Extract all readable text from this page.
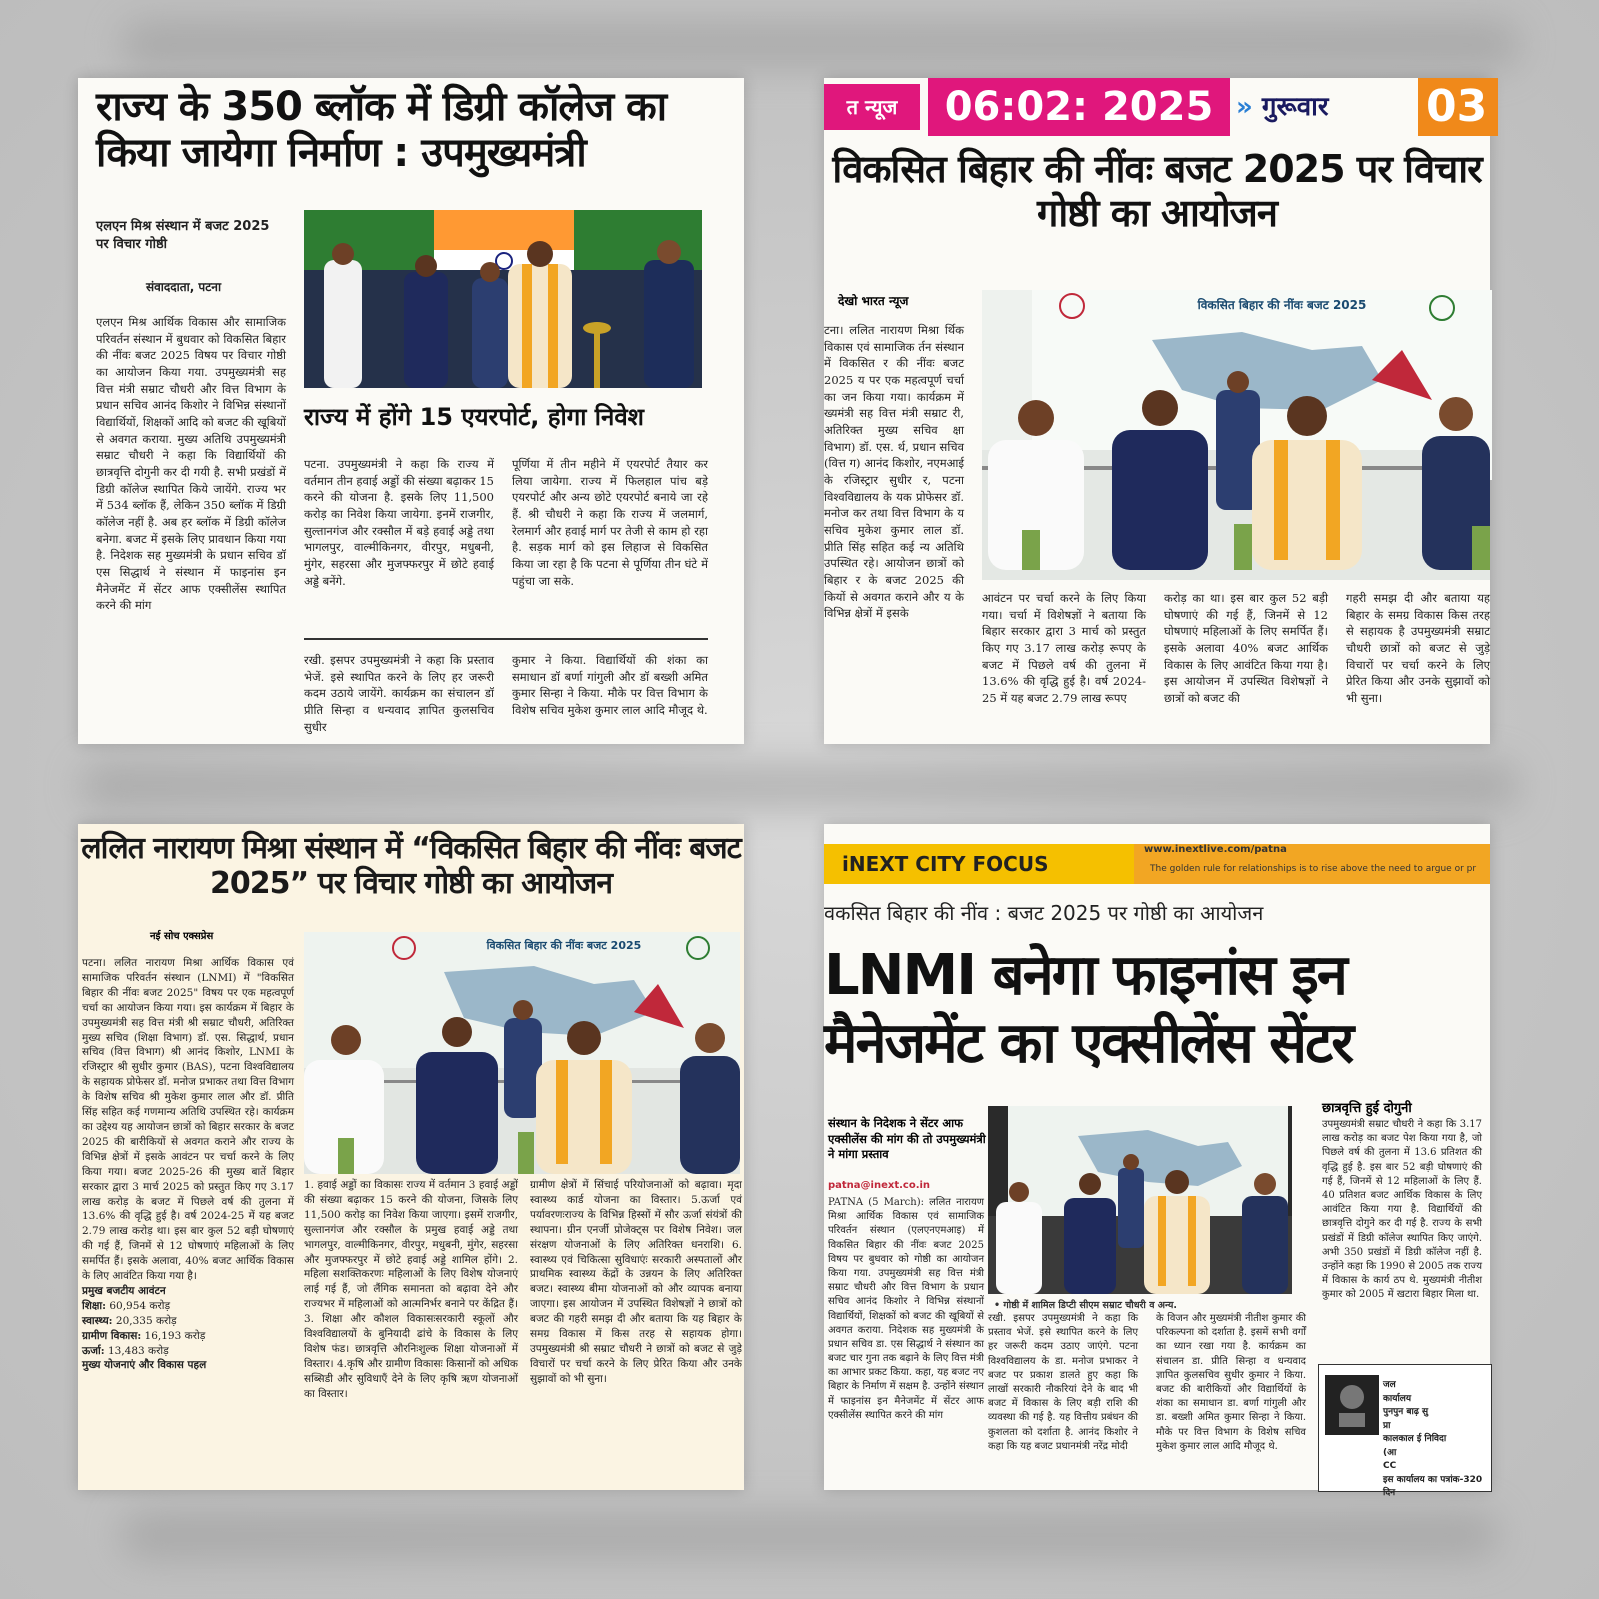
राज्य के 350 ब्लॉक में डिग्री कॉलेज का किया जायेगा निर्माण : उपमुख्यमंत्री
एलएन मिश्र संस्थान में बजट 2025 पर विचार गोष्ठी
संवाददाता, पटना

एलएन मिश्र आर्थिक विकास और सामाजिक परिवर्तन संस्थान में बुधवार को विकसित बिहार की नींवः बजट 2025 विषय पर विचार गोष्ठी का आयोजन किया गया. उपमुख्यमंत्री सह वित्त मंत्री सम्राट चौधरी और वित्त विभाग के प्रधान सचिव आनंद किशोर ने विभिन्न संस्थानों विद्यार्थियों, शिक्षकों आदि को बजट की खूबियों से अवगत कराया. मुख्य अतिथि उपमुख्यमंत्री सम्राट चौधरी ने कहा कि विद्यार्थियों की छात्रवृत्ति दोगुनी कर दी गयी है. सभी प्रखंडों में डिग्री कॉलेज स्थापित किये जायेंगे. राज्य भर में 534 ब्लॉक हैं, लेकिन 350 ब्लॉक में डिग्री कॉलेज नहीं है. अब हर ब्लॉक में डिग्री कॉलेज बनेगा. बजट में इसके लिए प्रावधान किया गया है. निदेशक सह मुख्यमंत्री के प्रधान सचिव डॉ एस सिद्धार्थ ने संस्थान में फाइनांस इन मैनेजमेंट में सेंटर आफ एक्सीलेंस स्थापित करने की मांग

राज्य में होंगे 15 एयरपोर्ट, होगा निवेश

पटना. उपमुख्यमंत्री ने कहा कि राज्य में वर्तमान तीन हवाई अड्डों की संख्या बढ़ाकर 15 करने की योजना है. इसके लिए 11,500 करोड़ का निवेश किया जायेगा. इनमें राजगीर, सुल्तानगंज और रक्सौल में बड़े हवाई अड्डे तथा भागलपुर, वाल्मीकिनगर, वीरपुर, मधुबनी, मुंगेर, सहरसा और मुजफ्फरपुर में छोटे हवाई अड्डे बनेंगे.

पूर्णिया में तीन महीने में एयरपोर्ट तैयार कर लिया जायेगा. राज्य में फिलहाल पांच बड़े एयरपोर्ट और अन्य छोटे एयरपोर्ट बनाये जा रहे हैं. श्री चौधरी ने कहा कि राज्य में जलमार्ग, रेलमार्ग और हवाई मार्ग पर तेजी से काम हो रहा है. सड़क मार्ग को इस लिहाज से विकसित किया जा रहा है कि पटना से पूर्णिया तीन घंटे में पहुंचा जा सके.

रखी. इसपर उपमुख्यमंत्री ने कहा कि प्रस्ताव भेजें. इसे स्थापित करने के लिए हर जरूरी कदम उठाये जायेंगे. कार्यक्रम का संचालन डॉ प्रीति सिन्हा व धन्यवाद ज्ञापित कुलसचिव सुधीर

कुमार ने किया. विद्यार्थियों की शंका का समाधान डॉ बर्णा गांगुली और डॉ बख्शी अमित कुमार सिन्हा ने किया. मौके पर वित्त विभाग के विशेष सचिव मुकेश कुमार लाल आदि मौजूद थे.

त न्यूज	06:02: 2025 » गुरूवार	03
विकसित बिहार की नींवः बजट 2025 पर विचार गोष्ठी का आयोजन
देखो भारत न्यूज

टना। ललित नारायण मिश्रा र्थिक विकास एवं सामाजिक र्तन संस्थान में विकसित र की नींवः बजट 2025 य पर एक महत्वपूर्ण चर्चा का जन किया गया। कार्यक्रम में ख्यमंत्री सह वित्त मंत्री सम्राट री, अतिरिक्त मुख्य सचिव क्षा विभाग) डॉ. एस. र्थ, प्रधान सचिव (वित्त ग) आनंद किशोर, नएमआई के रजिस्ट्रार सुधीर र, पटना विश्वविद्यालय के यक प्रोफेसर डॉ. मनोज कर तथा वित्त विभाग के य सचिव मुकेश कुमार लाल डॉ. प्रीति सिंह सहित कई न्य अतिथि उपस्थित रहे। आयोजन छात्रों को बिहार र के बजट 2025 की कियों से अवगत कराने और य के विभिन्न क्षेत्रों में इसके

विकसित बिहार की नींवः बजट 2025

आवंटन पर चर्चा करने के लिए किया गया। चर्चा में विशेषज्ञों ने बताया कि बिहार सरकार द्वारा 3 मार्च को प्रस्तुत किए गए 3.17 लाख करोड़ रूपए के बजट में पिछले वर्ष की तुलना में 13.6% की वृद्धि हुई है। वर्ष 2024-25 में यह बजट 2.79 लाख रूपए

करोड़ का था। इस बार कुल 52 बड़ी घोषणाएं की गई हैं, जिनमें से 12 घोषणाएं महिलाओं के लिए समर्पित हैं। इसके अलावा 40% बजट आर्थिक विकास के लिए आवंटित किया गया है। इस आयोजन में उपस्थित विशेषज्ञों ने छात्रों को बजट की

गहरी समझ दी और बताया यह बिहार के समग्र विकास किस तरह से सहायक है उपमुख्यमंत्री सम्राट चौधरी छात्रों को बजट से जुड़े विचारों पर चर्चा करने के लिए प्रेरित किया और उनके सुझावों को भी सुना।

ललित नारायण मिश्रा संस्थान में “विकसित बिहार की नींवः बजट 2025” पर विचार गोष्ठी का आयोजन
नई सोच एक्सप्रेस

पटना। ललित नारायण मिश्रा आर्थिक विकास एवं सामाजिक परिवर्तन संस्थान (LNMI) में "विकसित बिहार की नींवः बजट 2025" विषय पर एक महत्वपूर्ण चर्चा का आयोजन किया गया। इस कार्यक्रम में बिहार के उपमुख्यमंत्री सह वित्त मंत्री श्री सम्राट चौधरी, अतिरिक्त मुख्य सचिव (शिक्षा विभाग) डॉ. एस. सिद्धार्थ, प्रधान सचिव (वित्त विभाग) श्री आनंद किशोर, LNMI के रजिस्ट्रार श्री सुधीर कुमार (BAS), पटना विश्वविद्यालय के सहायक प्रोफेसर डॉ. मनोज प्रभाकर तथा वित्त विभाग के विशेष सचिव श्री मुकेश कुमार लाल और डॉ. प्रीति सिंह सहित कई गणमान्य अतिथि उपस्थित रहे। कार्यक्रम का उद्देश्य यह आयोजन छात्रों को बिहार सरकार के बजट 2025 की बारीकियों से अवगत कराने और राज्य के विभिन्न क्षेत्रों में इसके आवंटन पर चर्चा करने के लिए किया गया। बजट 2025-26 की मुख्य बातें बिहार सरकार द्वारा 3 मार्च 2025 को प्रस्तुत किए गए 3.17 लाख करोड़ के बजट में पिछले वर्ष की तुलना में 13.6% की वृद्धि हुई है। वर्ष 2024-25 में यह बजट 2.79 लाख करोड़ था। इस बार कुल 52 बड़ी घोषणाएं की गई हैं, जिनमें से 12 घोषणाएं महिलाओं के लिए समर्पित हैं। इसके अलावा, 40% बजट आर्थिक विकास के लिए आवंटित किया गया है।

प्रमुख बजटीय आवंटन
शिक्षा: 60,954 करोड़
स्वास्थ्य: 20,335 करोड़
ग्रामीण विकास: 16,193 करोड़
ऊर्जा: 13,483 करोड़
मुख्य योजनाएं और विकास पहल
विकसित बिहार की नींवः बजट 2025

1. हवाई अड्डों का विकासः राज्य में वर्तमान 3 हवाई अड्डों की संख्या बढ़ाकर 15 करने की योजना, जिसके लिए 11,500 करोड़ का निवेश किया जाएगा। इसमें राजगीर, सुल्तानगंज और रक्सौल के प्रमुख हवाई अड्डे तथा भागलपुर, वाल्मीकिनगर, वीरपुर, मधुबनी, मुंगेर, सहरसा और मुजफ्फरपुर में छोटे हवाई अड्डे शामिल होंगे। 2. महिला सशक्तिकरणः महिलाओं के लिए विशेष योजनाएं लाई गई हैं, जो लैंगिक समानता को बढ़ावा देने और राज्यभर में महिलाओं को आत्मनिर्भर बनाने पर केंद्रित हैं। 3. शिक्षा और कौशल विकासःसरकारी स्कूलों और विश्वविद्यालयों के बुनियादी ढांचे के विकास के लिए विशेष फंड। छात्रवृत्ति औरनिःशुल्क शिक्षा योजनाओं में विस्तार। 4.कृषि और ग्रामीण विकासः किसानों को अधिक सब्सिडी और सुविधाएँ देने के लिए कृषि ऋण योजनाओं का विस्तार।

ग्रामीण क्षेत्रों में सिंचाई परियोजनाओं को बढ़ावा। मृदा स्वास्थ्य कार्ड योजना का विस्तार। 5.ऊर्जा एवं पर्यावरणःराज्य के विभिन्न हिस्सों में सौर ऊर्जा संयंत्रों की स्थापना। ग्रीन एनर्जी प्रोजेक्ट्स पर विशेष निवेश। जल संरक्षण योजनाओं के लिए अतिरिक्त धनराशि। 6. स्वास्थ्य एवं चिकित्सा सुविधाएंः सरकारी अस्पतालों और प्राथमिक स्वास्थ्य केंद्रों के उन्नयन के लिए अतिरिक्त बजट। स्वास्थ्य बीमा योजनाओं को और व्यापक बनाया जाएगा। इस आयोजन में उपस्थित विशेषज्ञों ने छात्रों को बजट की गहरी समझ दी और बताया कि यह बिहार के समग्र विकास में किस तरह से सहायक होगा। उपमुख्यमंत्री श्री सम्राट चौधरी ने छात्रों को बजट से जुड़े विचारों पर चर्चा करने के लिए प्रेरित किया और उनके सुझावों को भी सुना।

iNEXT CITY FOCUS
www.inextlive.com/patna
The golden rule for relationships is to rise above the need to argue or pr
वकसित बिहार की नींव : बजट 2025 पर गोष्ठी का आयोजन
LNMI बनेगा फाइनांस इन मैनेजमेंट का एक्सीलेंस सेंटर
संस्थान के निदेशक ने सेंटर आफ एक्सीलेंस की मांग की तो उपमुख्यमंत्री ने मांगा प्रस्ताव
patna@inext.co.in

PATNA (5 March): ललित नारायण मिश्रा आर्थिक विकास एवं सामाजिक परिवर्तन संस्थान (एलएनएमआइ) में विकसित बिहार की नींवः बजट 2025 विषय पर बुधवार को गोष्ठी का आयोजन किया गया. उपमुख्यमंत्री सह वित्त मंत्री सम्राट चौधरी और वित्त विभाग के प्रधान सचिव आनंद किशोर ने विभिन्न संस्थानों विद्यार्थियों, शिक्षकों को बजट की खूबियों से अवगत कराया. निदेशक सह मुख्यमंत्री के प्रधान सचिव डा. एस सिद्धार्थ ने संस्थान का बजट चार गुना तक बढ़ाने के लिए वित्त मंत्री का आभार प्रकट किया. कहा, यह बजट नए बिहार के निर्माण में सक्षम है. उन्होंने संस्थान में फाइनांस इन मैनेजमेंट में सेंटर आफ एक्सीलेंस स्थापित करने की मांग

• गोष्ठी में शामिल डिप्टी सीएम सम्राट चौधरी व अन्य.

रखी. इसपर उपमुख्यमंत्री ने कहा कि प्रस्ताव भेजें. इसे स्थापित करने के लिए हर जरूरी कदम उठाए जाएंगे. पटना विश्वविद्यालय के डा. मनोज प्रभाकर ने बजट पर प्रकाश डालते हुए कहा कि लाखों सरकारी नौकरियां देने के बाद भी बजट में विकास के लिए बड़ी राशि की व्यवस्था की गई है. यह वित्तीय प्रबंधन की कुशलता को दर्शाता है. आनंद किशोर ने कहा कि यह बजट प्रधानमंत्री नरेंद्र मोदी

के विजन और मुख्यमंत्री नीतीश कुमार की परिकल्पना को दर्शाता है. इसमें सभी वर्गों का ध्यान रखा गया है. कार्यक्रम का संचालन डा. प्रीति सिन्हा व धन्यवाद ज्ञापित कुलसचिव सुधीर कुमार ने किया. बजट की बारीकियों और विद्यार्थियों के शंका का समाधान डा. बर्णा गांगुली और डा. बख्शी अमित कुमार सिन्हा ने किया. मौके पर वित्त विभाग के विशेष सचिव मुकेश कुमार लाल आदि मौजूद थे.

छात्रवृत्ति हुई दोगुनी

उपमुख्यमंत्री सम्राट चौधरी ने कहा कि 3.17 लाख करोड़ का बजट पेश किया गया है, जो पिछले वर्ष की तुलना में 13.6 प्रतिशत की वृद्धि हुई है. इस बार 52 बड़ी घोषणाएं की गई हैं, जिनमें से 12 महिलाओं के लिए हैं. 40 प्रतिशत बजट आर्थिक विकास के लिए आवंटित किया गया है. विद्यार्थियों की छात्रवृत्ति दोगुने कर दी गई है. राज्य के सभी प्रखंडों में डिग्री कॉलेज स्थापित किए जाएंगे. अभी 350 प्रखंडों में डिग्री कॉलेज नहीं है. उन्होंने कहा कि 1990 से 2005 तक राज्य में विकास के कार्य ठप थे. मुख्यमंत्री नीतीश कुमार को 2005 में खटारा बिहार मिला था.

जल
कार्यालय
पुनपुन बाढ़ सु
प्रा
कालकाल ई निविदा
(आ
CC
इस कार्यालय का पत्रांक-320 दिन
